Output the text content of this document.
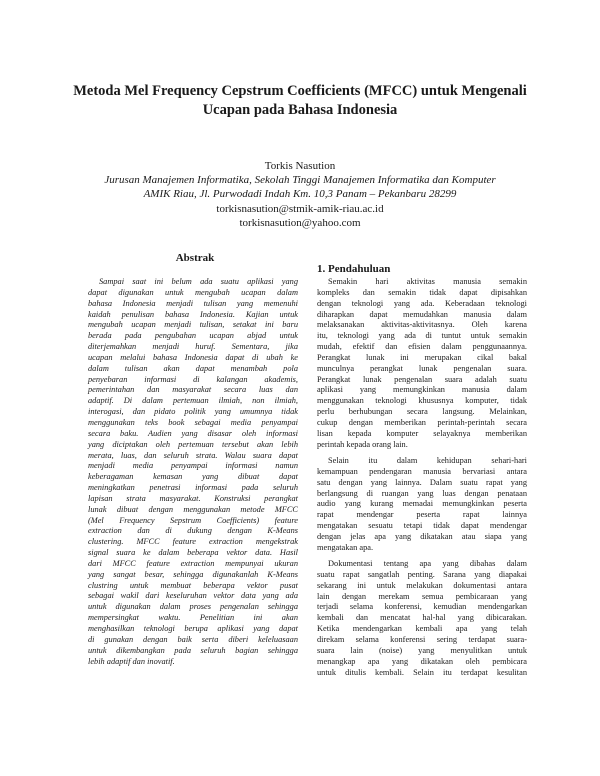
Metoda Mel Frequency Cepstrum Coefficients (MFCC) untuk Mengenali
Ucapan pada Bahasa Indonesia
Torkis Nasution
Jurusan Manajemen Informatika, Sekolah Tinggi Manajemen Informatika dan Komputer
AMIK Riau, Jl. Purwodadi Indah Km. 10,3 Panam – Pekanbaru 28299
torkisnasution@stmik-amik-riau.ac.id
torkisnasution@yahoo.com
Abstrak
Sampai saat ini belum ada suatu aplikasi yang
dapat digunakan untuk mengubah ucapan dalam
bahasa Indonesia menjadi tulisan yang memenuhi
kaidah penulisan bahasa Indonesia. Kajian untuk
mengubah ucapan menjadi tulisan, setakat ini baru
berada pada pengubahan ucapan abjad untuk
diterjemahkan menjadi huruf. Sementara, jika
ucapan melalui bahasa Indonesia dapat di ubah ke
dalam tulisan akan dapat menambah pola
penyebaran informasi di kalangan akademis,
pemerintahan dan masyarakat secara luas dan
adaptif. Di dalam pertemuan ilmiah, non ilmiah,
interogasi, dan pidato politik yang umumnya tidak
menggunakan teks book sebagai media penyampai
secara baku. Audien yang disasar oleh informasi
yang diciptakan oleh pertemuan tersebut akan lebih
merata, luas, dan seluruh strata. Walau suara dapat
menjadi media penyampai informasi namun
keberagaman kemasan yang dibuat dapat
meningkatkan penetrasi informasi pada seluruh
lapisan strata masyarakat. Konstruksi perangkat
lunak dibuat dengan menggunakan metode MFCC
(Mel Frequency Sepstrum Coefficients) feature
extraction dan di dukung dengan K-Means
clustering. MFCC feature extraction mengekstrak
signal suara ke dalam beberapa vektor data. Hasil
dari MFCC feature extraction mempunyai ukuran
yang sangat besar, sehingga digunakanlah K-Means
clustring untuk membuat beberapa vektor pusat
sebagai wakil dari keseluruhan vektor data yang ada
untuk digunakan dalam proses pengenalan sehingga
mempersingkat waktu. Penelitian ini akan
menghasilkan teknologi berupa aplikasi yang dapat
di gunakan dengan baik serta diberi keleluasaan
untuk dikembangkan pada seluruh bagian sehingga
lebih adaptif dan inovatif.
1. Pendahuluan
Semakin hari aktivitas manusia semakin
kompleks dan semakin tidak dapat dipisahkan
dengan teknologi yang ada. Keberadaan teknologi
diharapkan dapat memudahkan manusia dalam
melaksanakan aktivitas-aktivitasnya. Oleh karena
itu, teknologi yang ada di tuntut untuk semakin
mudah, efektif dan efisien dalam penggunaannya.
Perangkat lunak ini merupakan cikal bakal
munculnya perangkat lunak pengenalan suara.
Perangkat lunak pengenalan suara adalah suatu
aplikasi yang memungkinkan manusia dalam
menggunakan teknologi khususnya komputer, tidak
perlu berhubungan secara langsung. Melainkan,
cukup dengan memberikan perintah-perintah secara
lisan kepada komputer selayaknya memberikan
perintah kepada orang lain.
Selain itu dalam kehidupan sehari-hari
kemampuan pendengaran manusia bervariasi antara
satu dengan yang lainnya. Dalam suatu rapat yang
berlangsung di ruangan yang luas dengan penataan
audio yang kurang memadai memungkinkan peserta
rapat mendengar peserta rapat lainnya
mengatakan sesuatu tetapi tidak dapat mendengar
dengan jelas apa yang dikatakan atau siapa yang
mengatakan apa.
Dokumentasi tentang apa yang dibahas dalam
suatu rapat sangatlah penting. Sarana yang diapakai
sekarang ini untuk melakukan dokumentasi antara
lain dengan merekam semua pembicaraan yang
terjadi selama konferensi, kemudian mendengarkan
kembali dan mencatat hal-hal yang dibicarakan.
Ketika mendengarkan kembali apa yang telah
direkam selama konferensi sering terdapat suara-
suara lain (noise) yang menyulitkan untuk
menangkap apa yang dikatakan oleh pembicara
untuk ditulis kembali. Selain itu terdapat kesulitan
